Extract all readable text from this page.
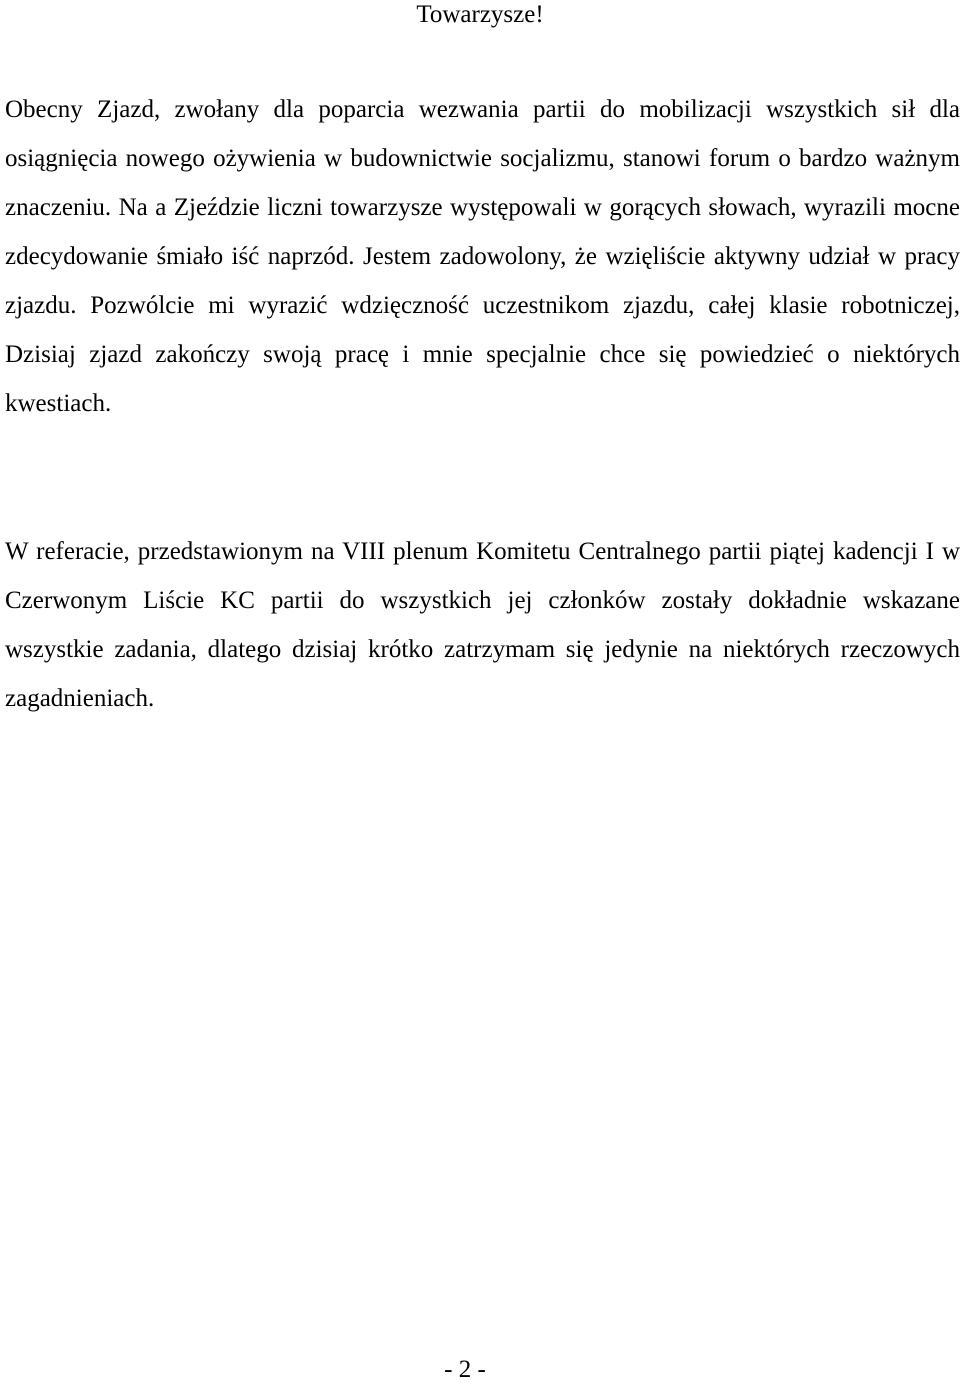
Towarzysze!

Obecny Zjazd, zwołany dla poparcia wezwania partii do mobilizacji wszystkich sił dla osiągnięcia nowego ożywienia w budownictwie socjalizmu, stanowi forum o bardzo ważnym znaczeniu. Na a Zjeździe liczni towarzysze występowali w gorących słowach, wyrazili mocne zdecydowanie śmiało iść naprzód. Jestem zadowolony, że wzięliście aktywny udział w pracy zjazdu. Pozwólcie mi wyrazić wdzięczność uczestnikom zjazdu, całej klasie robotniczej, Dzisiaj zjazd zakończy swoją pracę i mnie specjalnie chce się powiedzieć o niektórych kwestiach.

W referacie, przedstawionym na VIII plenum Komitetu Centralnego partii piątej kadencji I w Czerwonym Liście KC partii do wszystkich jej członków zostały dokładnie wskazane wszystkie zadania, dlatego dzisiaj krótko zatrzymam się jedynie na niektórych rzeczowych zagadnieniach.

- 2 -
